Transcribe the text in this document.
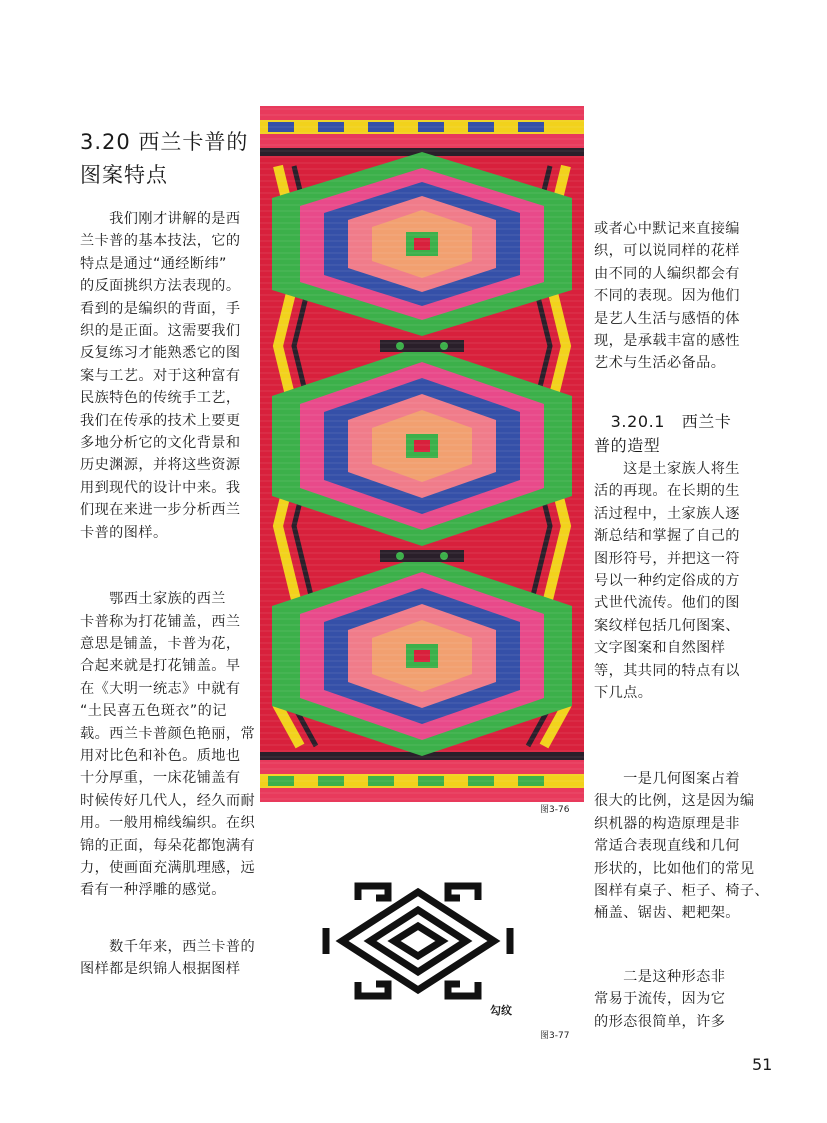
3.20 西兰卡普的
图案特点

　　我们刚才讲解的是西
兰卡普的基本技法，它的
特点是通过“通经断纬”
的反面挑织方法表现的。
看到的是编织的背面，手
织的是正面。这需要我们
反复练习才能熟悉它的图
案与工艺。对于这种富有
民族特色的传统手工艺，
我们在传承的技术上要更
多地分析它的文化背景和
历史渊源，并将这些资源
用到现代的设计中来。我
们现在来进一步分析西兰
卡普的图样。

　　鄂西土家族的西兰
卡普称为打花铺盖，西兰
意思是铺盖，卡普为花，
合起来就是打花铺盖。早
在《大明一统志》中就有
“土民喜五色斑衣”的记
载。西兰卡普颜色艳丽，常
用对比色和补色。质地也
十分厚重，一床花铺盖有
时候传好几代人，经久而耐
用。一般用棉线编织。在织
锦的正面，每朵花都饱满有
力，使画面充满肌理感，远
看有一种浮雕的感觉。

　　数千年来，西兰卡普的
图样都是织锦人根据图样

图3-76

或者心中默记来直接编
织，可以说同样的花样
由不同的人编织都会有
不同的表现。因为他们
是艺人生活与感悟的体
现，是承载丰富的感性
艺术与生活必备品。

　3.20.1　西兰卡
普的造型

　　这是土家族人将生
活的再现。在长期的生
活过程中，土家族人逐
渐总结和掌握了自己的
图形符号，并把这一符
号以一种约定俗成的方
式世代流传。他们的图
案纹样包括几何图案、
文字图案和自然图样
等，其共同的特点有以
下几点。

　　一是几何图案占着
很大的比例，这是因为编
织机器的构造原理是非
常适合表现直线和几何
形状的，比如他们的常见
图样有桌子、柜子、椅子、
桶盖、锯齿、耙耙架。

　　二是这种形态非
常易于流传，因为它
的形态很简单，许多

勾纹
图3-77
51
